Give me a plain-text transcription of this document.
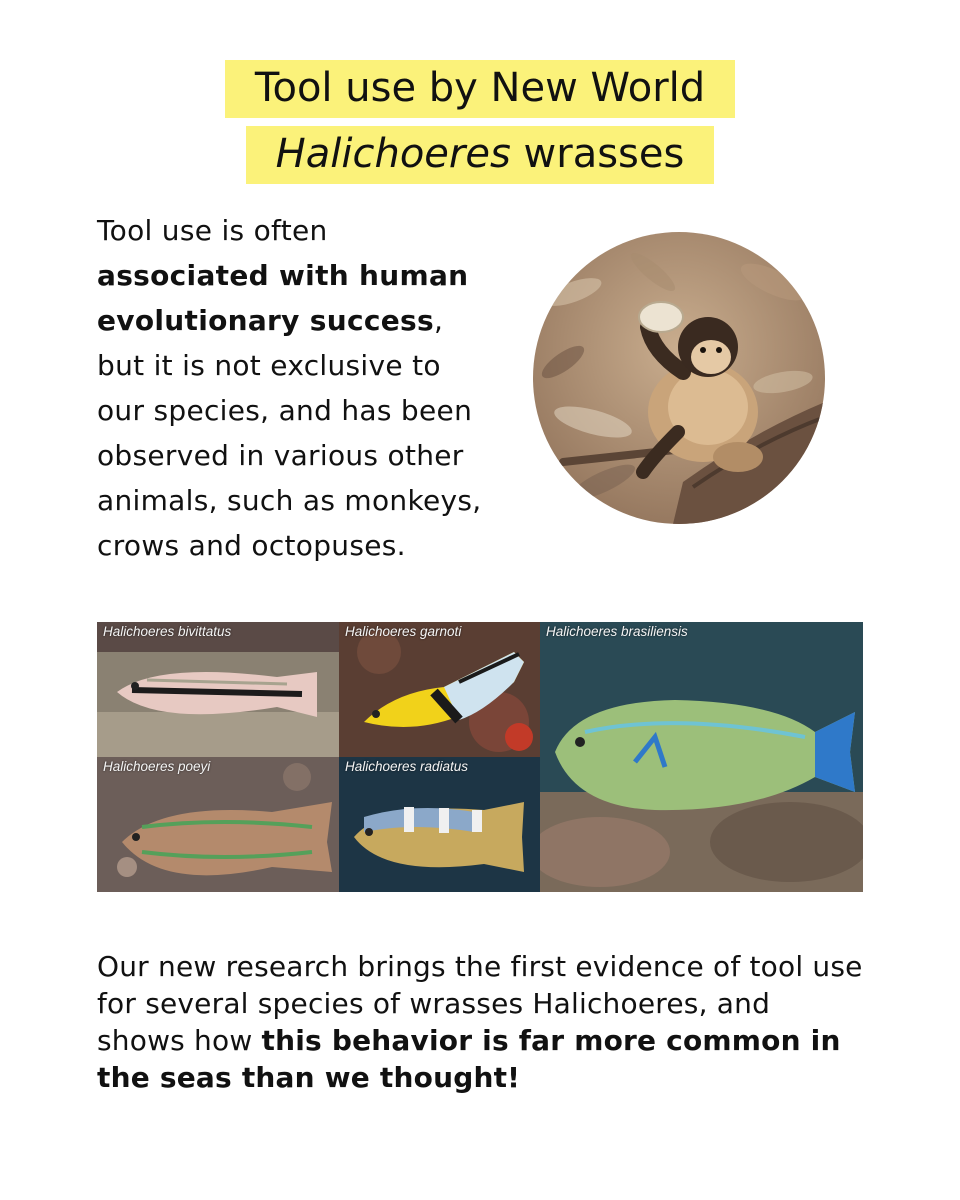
Tool use by New World
Halichoeres wrasses
Tool use is often associated with human evolutionary success, but it is not exclusive to our species, and has been observed in various other animals, such as monkeys, crows and octopuses.
Halichoeres bivittatus	Halichoeres garnoti	Halichoeres brasiliensis
Halichoeres poeyi	Halichoeres radiatus
Our new research brings the first evidence of tool use for several species of wrasses Halichoeres, and shows how this behavior is far more common in the seas than we thought!
